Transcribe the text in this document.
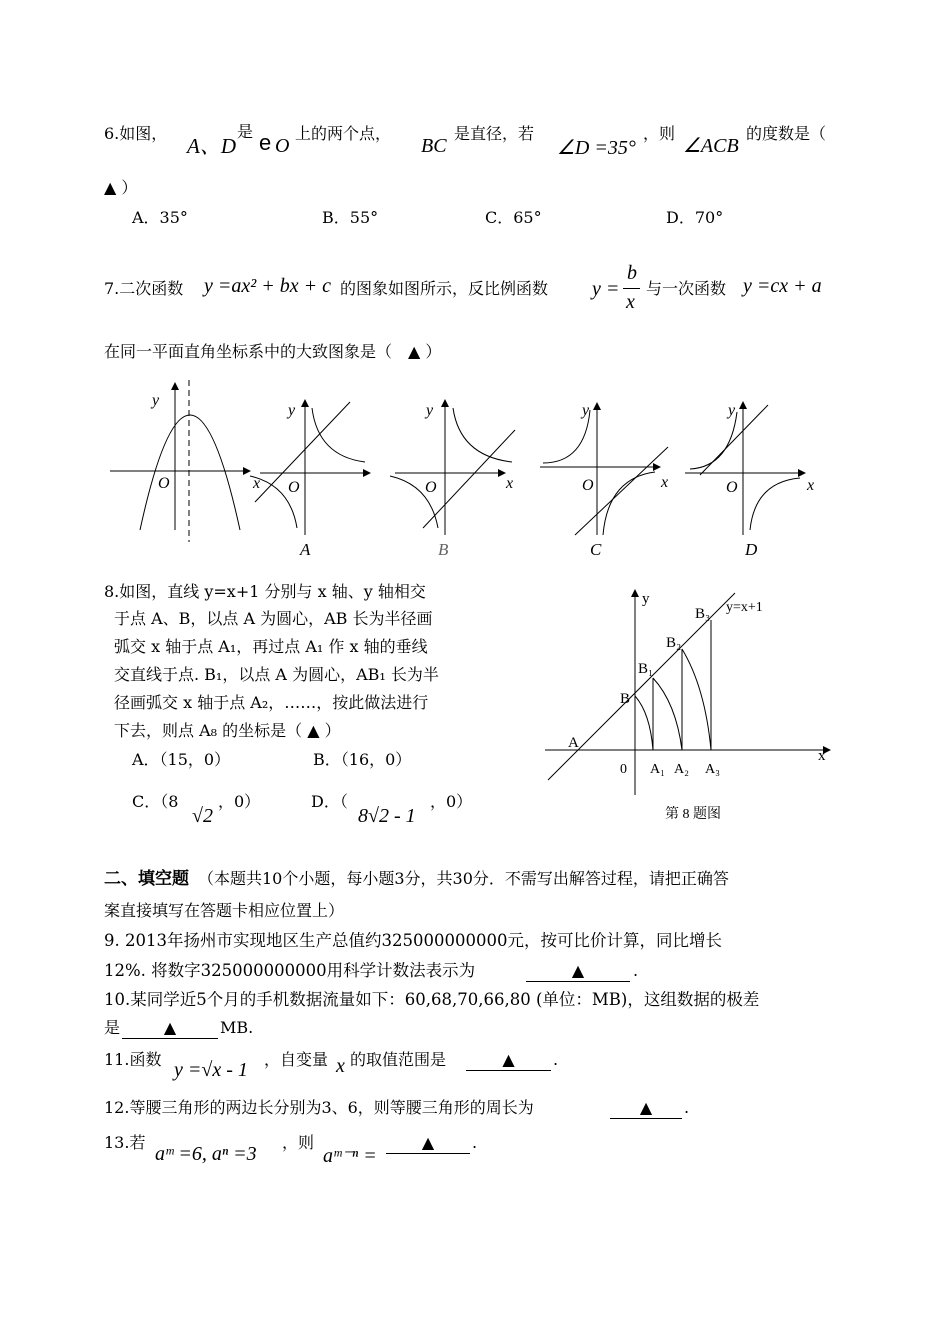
6.如图，
A、D
是 e O
上的两个点，
BC
是直径，若
∠D =35°
，则
∠ACB
的度数是（
▲ ）
A．35°	B．55°	C．65°	D．70°
7.二次函数 y =ax² + bx + c 的图象如图所示，反比例函数 y =
b
x
与一次函数 y =cx + a
在同一平面直角坐标系中的大致图象是（　▲ ）
y
O
y
x O
A
y
x
O
B
y
x
O
C
y
x
O
D
8.如图，直线 y=x+1 分别与 x 轴、y 轴相交
于点 A、B，以点 A 为圆心，AB 长为半径画
弧交 x 轴于点 A₁，再过点 A₁ 作 x 轴的垂线
交直线于点. B₁，以点 A 为圆心，AB₁ 长为半
径画弧交 x 轴于点 A₂，……，按此做法进行
下去，则点 A₈ 的坐标是（ ▲ ）
A．（15，0）	B．（16，0）
C．（8
√2
，0）	D．（
8√2 - 1
，0）
y=x+1
y
x
A
0
B
B₁
B₂
B₃
A₁ A₂ A₃
第 8 题图
二、填空题 （本题共10个小题，每小题3分，共30分．不需写出解答过程，请把正确答
案直接填写在答题卡相应位置上）
9. 2013年扬州市实现地区生产总值约325000000000元，按可比价计算，同比增长
12%. 将数字325000000000用科学计数法表示为	▲	.
10.某同学近5个月的手机数据流量如下：60,68,70,66,80 (单位：MB)，这组数据的极差
是	▲	MB.
11.函数 y =√x - 1 ，自变量 x 的取值范围是	▲	.
12.等腰三角形的两边长分别为3、6，则等腰三角形的周长为	▲	.
13.若
aᵐ =6, aⁿ =3
，则
aᵐ⁻ⁿ =
▲	.
